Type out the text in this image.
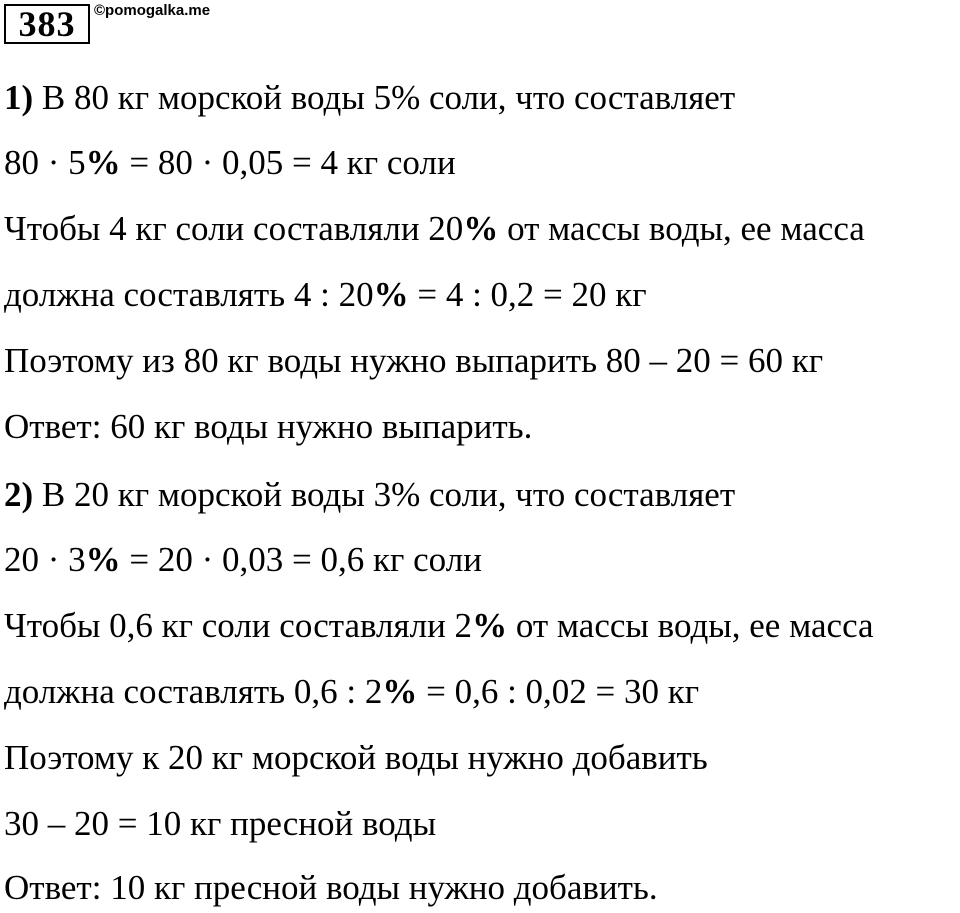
383	©pomogalka.me
1) В 80 кг морской воды 5% соли, что составляет
80 · 5% = 80 · 0,05 = 4 кг соли
Чтобы 4 кг соли составляли 20% от массы воды, ее масса
должна составлять 4 : 20% = 4 : 0,2 = 20 кг
Поэтому из 80 кг воды нужно выпарить 80 – 20 = 60 кг
Ответ: 60 кг воды нужно выпарить.
2) В 20 кг морской воды 3% соли, что составляет
20 · 3% = 20 · 0,03 = 0,6 кг соли
Чтобы 0,6 кг соли составляли 2% от массы воды, ее масса
должна составлять 0,6 : 2% = 0,6 : 0,02 = 30 кг
Поэтому к 20 кг морской воды нужно добавить
30 – 20 = 10 кг пресной воды
Ответ: 10 кг пресной воды нужно добавить.
